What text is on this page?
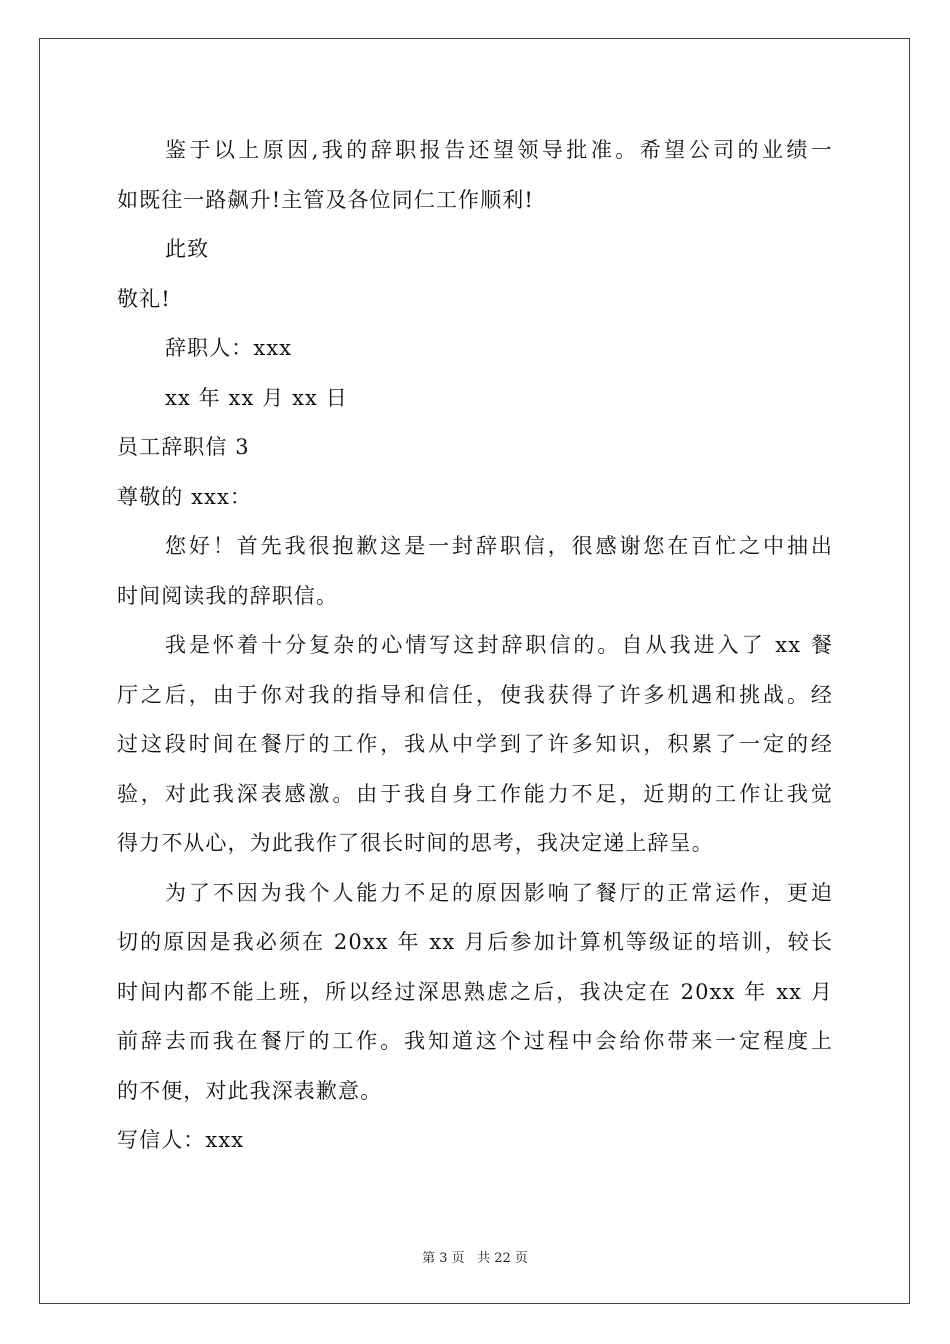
鉴于以上原因,我的辞职报告还望领导批准。希望公司的业绩一
如既往一路飙升!主管及各位同仁工作顺利!
此致
敬礼!
辞职人：xxx
xx 年 xx 月 xx 日
员工辞职信 3
尊敬的 xxx：
您好！首先我很抱歉这是一封辞职信，很感谢您在百忙之中抽出
时间阅读我的辞职信。
我是怀着十分复杂的心情写这封辞职信的。自从我进入了 xx 餐
厅之后，由于你对我的指导和信任，使我获得了许多机遇和挑战。经
过这段时间在餐厅的工作，我从中学到了许多知识，积累了一定的经
验，对此我深表感激。由于我自身工作能力不足，近期的工作让我觉
得力不从心，为此我作了很长时间的思考，我决定递上辞呈。
为了不因为我个人能力不足的原因影响了餐厅的正常运作，更迫
切的原因是我必须在 20xx 年 xx 月后参加计算机等级证的培训，较长
时间内都不能上班，所以经过深思熟虑之后，我决定在 20xx 年 xx 月
前辞去而我在餐厅的工作。我知道这个过程中会给你带来一定程度上
的不便，对此我深表歉意。
写信人：xxx
第 3 页 共 22 页
